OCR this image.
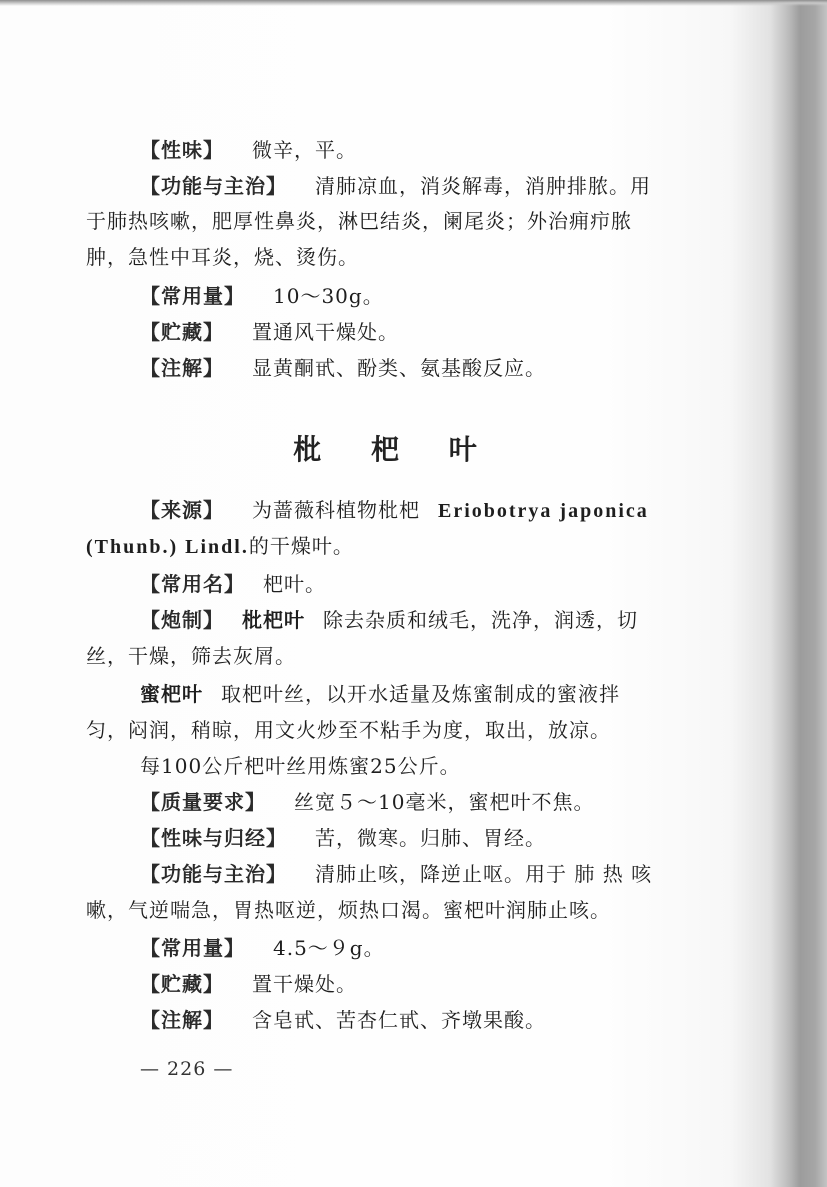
【性味】 微辛，平。
【功能与主治】 清肺凉血，消炎解毒，消肿排脓。用
于肺热咳嗽，肥厚性鼻炎，淋巴结炎，阑尾炎；外治痈疖脓
肿，急性中耳炎，烧、烫伤。
【常用量】 10～30g。
【贮藏】 置通风干燥处。
【注解】 显黄酮甙、酚类、氨基酸反应。
枇 杷 叶
【来源】 为蔷薇科植物枇杷 Eriobotrya japonica
(Thunb.) Lindl.的干燥叶。
【常用名】 杷叶。
【炮制】 枇杷叶 除去杂质和绒毛，洗净，润透，切
丝，干燥，筛去灰屑。
蜜杷叶 取杷叶丝，以开水适量及炼蜜制成的蜜液拌
匀，闷润，稍晾，用文火炒至不粘手为度，取出，放凉。
每100公斤杷叶丝用炼蜜25公斤。
【质量要求】 丝宽５～10毫米，蜜杷叶不焦。
【性味与归经】 苦，微寒。归肺、胃经。
【功能与主治】 清肺止咳，降逆止呕。用于 肺 热 咳
嗽，气逆喘急，胃热呕逆，烦热口渴。蜜杷叶润肺止咳。
【常用量】 4.5～９g。
【贮藏】 置干燥处。
【注解】 含皂甙、苦杏仁甙、齐墩果酸。
— 226 —
